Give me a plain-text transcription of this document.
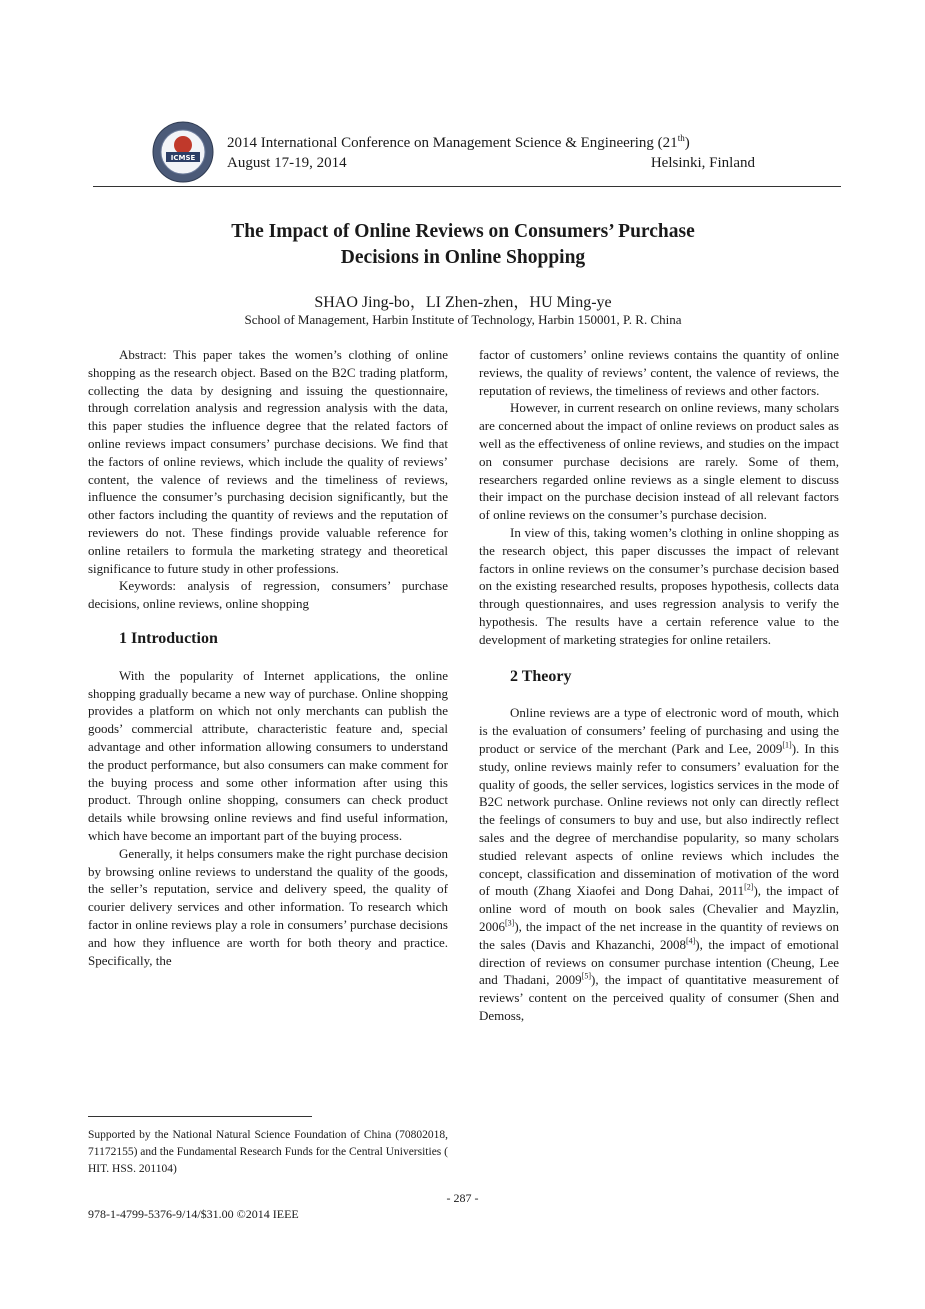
ICMSE
2014 International Conference on Management Science & Engineering (21th)
August 17-19, 2014	Helsinki, Finland
The Impact of Online Reviews on Consumers’ Purchase
Decisions in Online Shopping
SHAO Jing-bo，LI Zhen-zhen，HU Ming-ye
School of Management, Harbin Institute of Technology, Harbin 150001, P. R. China

Abstract: This paper takes the women’s clothing of online shopping as the research object. Based on the B2C trading platform, collecting the data by designing and issuing the questionnaire, through correlation analysis and regression analysis with the data, this paper studies the influence degree that the related factors of online reviews impact consumers’ purchase decisions. We find that the factors of online reviews, which include the quality of reviews’ content, the valence of reviews and the timeliness of reviews, influence the consumer’s purchasing decision significantly, but the other factors including the quantity of reviews and the reputation of reviewers do not. These findings provide valuable reference for online retailers to formula the marketing strategy and theoretical significance to future study in other professions.

Keywords: analysis of regression, consumers’ purchase decisions, online reviews, online shopping

1 Introduction

With the popularity of Internet applications, the online shopping gradually became a new way of purchase. Online shopping provides a platform on which not only merchants can publish the goods’ commercial attribute, characteristic feature and, special advantage and other information allowing consumers to understand the product performance, but also consumers can make comment for the buying process and some other information after using this product. Through online shopping, consumers can check product details while browsing online reviews and find useful information, which have become an important part of the buying process.

Generally, it helps consumers make the right purchase decision by browsing online reviews to understand the quality of the goods, the seller’s reputation, service and delivery speed, the quality of courier delivery services and other information. To research which factor in online reviews play a role in consumers’ purchase decisions and how they influence are worth for both theory and practice. Specifically, the

factor of customers’ online reviews contains the quantity of online reviews, the quality of reviews’ content, the valence of reviews, the reputation of reviews, the timeliness of reviews and other factors.

However, in current research on online reviews, many scholars are concerned about the impact of online reviews on product sales as well as the effectiveness of online reviews, and studies on the impact on consumer purchase decisions are rarely. Some of them, researchers regarded online reviews as a single element to discuss their impact on the purchase decision instead of all relevant factors of online reviews on the consumer’s purchase decision.

In view of this, taking women’s clothing in online shopping as the research object, this paper discusses the impact of relevant factors in online reviews on the consumer’s purchase decision based on the existing researched results, proposes hypothesis, collects data through questionnaires, and uses regression analysis to verify the hypothesis. The results have a certain reference value to the development of marketing strategies for online retailers.

2 Theory

Online reviews are a type of electronic word of mouth, which is the evaluation of consumers’ feeling of purchasing and using the product or service of the merchant (Park and Lee, 2009[1]). In this study, online reviews mainly refer to consumers’ evaluation for the quality of goods, the seller services, logistics services in the mode of B2C network purchase. Online reviews not only can directly reflect the feelings of consumers to buy and use, but also indirectly reflect sales and the degree of merchandise popularity, so many scholars studied relevant aspects of online reviews which includes the concept, classification and dissemination of motivation of the word of mouth (Zhang Xiaofei and Dong Dahai, 2011[2]), the impact of online word of mouth on book sales (Chevalier and Mayzlin, 2006[3]), the impact of the net increase in the quantity of reviews on the sales (Davis and Khazanchi, 2008[4]), the impact of emotional direction of reviews on consumer purchase intention (Cheung, Lee and Thadani, 2009[5]), the impact of quantitative measurement of reviews’ content on the perceived quality of consumer (Shen and Demoss,

Supported by the National Natural Science Foundation of China (70802018, 71172155) and the Fundamental Research Funds for the Central Universities ( HIT. HSS. 201104)
- 287 -
978-1-4799-5376-9/14/$31.00 ©2014 IEEE
